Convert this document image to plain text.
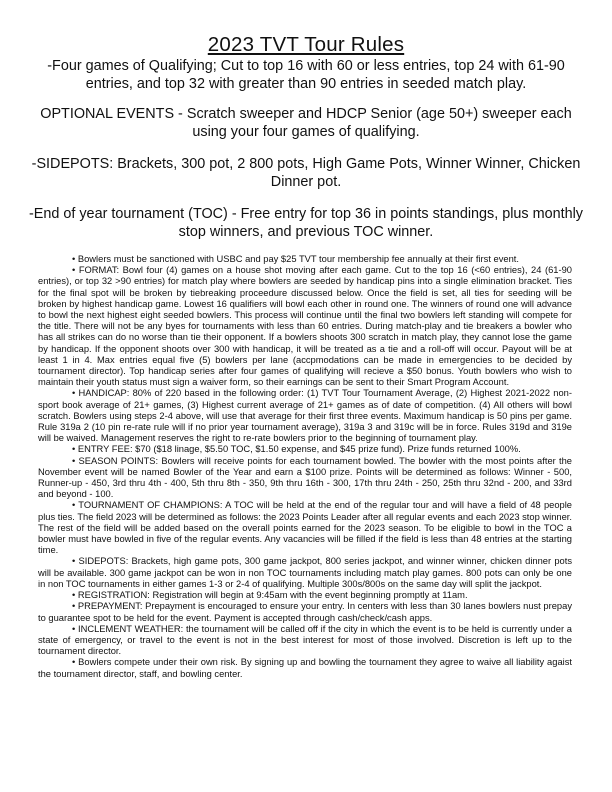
2023 TVT Tour Rules

-Four games of Qualifying; Cut to top 16 with 60 or less entries, top 24 with 61-90 entries, and top 32 with greater than 90 entries in seeded match play.

OPTIONAL EVENTS - Scratch sweeper and HDCP Senior (age 50+) sweeper each using your four games of qualifying.

-SIDEPOTS: Brackets, 300 pot, 2 800 pots, High Game Pots, Winner Winner, Chicken Dinner pot.

-End of year tournament (TOC) - Free entry for top 36 in points standings, plus monthly stop winners, and previous TOC winner.

• Bowlers must be sanctioned with USBC and pay $25 TVT tour membership fee annually at their first event.

• FORMAT: Bowl four (4) games on a house shot moving after each game. Cut to the top 16 (<60 entries), 24 (61-90 entries), or top 32 >90 entries) for match play where bowlers are seeded by handicap pins into a single elimination bracket. Ties for the final spot will be broken by tiebreaking proceedure discussed below. Once the field is set, all ties for seeding will be broken by highest handicap game. Lowest 16 qualifiers will bowl each other in round one. The winners of round one will advance to bowl the next highest eight seeded bowlers. This process will continue until the final two bowlers left standing will compete for the title. There will not be any byes for tournaments with less than 60 entries. During match-play and tie breakers a bowler who has all strikes can do no worse than tie their opponent. If a bowlers shoots 300 scratch in match play, they cannot lose the game by handicap. If the opponent shoots over 300 with handicap, it will be treated as a tie and a roll-off will occur. Payout will be at least 1 in 4. Max entries equal five (5) bowlers per lane (accpmodations can be made in emergencies to be decided by tournament director). Top handicap series after four games of qualifying will recieve a $50 bonus. Youth bowlers who wish to maintain their youth status must sign a waiver form, so their earnings can be sent to their Smart Program Account.

• HANDICAP: 80% of 220 based in the following order: (1) TVT Tour Tournament Average, (2) Highest 2021-2022 non-sport book average of 21+ games, (3) Highest current average of 21+ games as of date of competition. (4) All others will bowl scratch. Bowlers using steps 2-4 above, will use that average for their first three events. Maximum handicap is 50 pins per game. Rule 319a 2 (10 pin re-rate rule will if no prior year tournament average), 319a 3 and 319c will be in force. Rules 319d and 319e will be waived. Management reserves the right to re-rate bowlers prior to the beginning of tournament play.

• ENTRY FEE: $70 ($18 linage, $5.50 TOC, $1.50 expense, and $45 prize fund). Prize funds returned 100%.

• SEASON POINTS: Bowlers will receive points for each tournament bowled. The bowler with the most points after the November event will be named Bowler of the Year and earn a $100 prize. Points will be determined as follows: Winner - 500, Runner-up - 450, 3rd thru 4th - 400, 5th thru 8th - 350, 9th thru 16th - 300, 17th thru 24th - 250, 25th thru 32nd - 200, and 33rd and beyond - 100.

• TOURNAMENT OF CHAMPIONS: A TOC will be held at the end of the regular tour and will have a field of 48 people plus ties. The field 2023 will be determined as follows: the 2023 Points Leader after all regular events and each 2023 stop winner. The rest of the field will be added based on the overall points earned for the 2023 season. To be eligible to bowl in the TOC a bowler must have bowled in five of the regular events. Any vacancies will be filled if the field is less than 48 entries at the starting time.

• SIDEPOTS: Brackets, high game pots, 300 game jackpot, 800 series jackpot, and winner winner, chicken dinner pots will be available. 300 game jackpot can be won in non TOC tournaments including match play games. 800 pots can only be one in non TOC tournaments in either games 1-3 or 2-4 of qualifying. Multiple 300s/800s on the same day will split the jackpot.

• REGISTRATION: Registration will begin at 9:45am with the event beginning promptly at 11am.

• PREPAYMENT: Prepayment is encouraged to ensure your entry. In centers with less than 30 lanes bowlers nust prepay to guarantee spot to be held for the event. Payment is accepted through cash/check/cash apps.

• INCLEMENT WEATHER: the tournament will be called off if the city in which the event is to be held is currently under a state of emergency, or travel to the event is not in the best interest for most of those involved. Discretion is left up to the tournament director.

• Bowlers compete under their own risk. By signing up and bowling the tournament they agree to waive all liability agaist the tournament director, staff, and bowling center.
